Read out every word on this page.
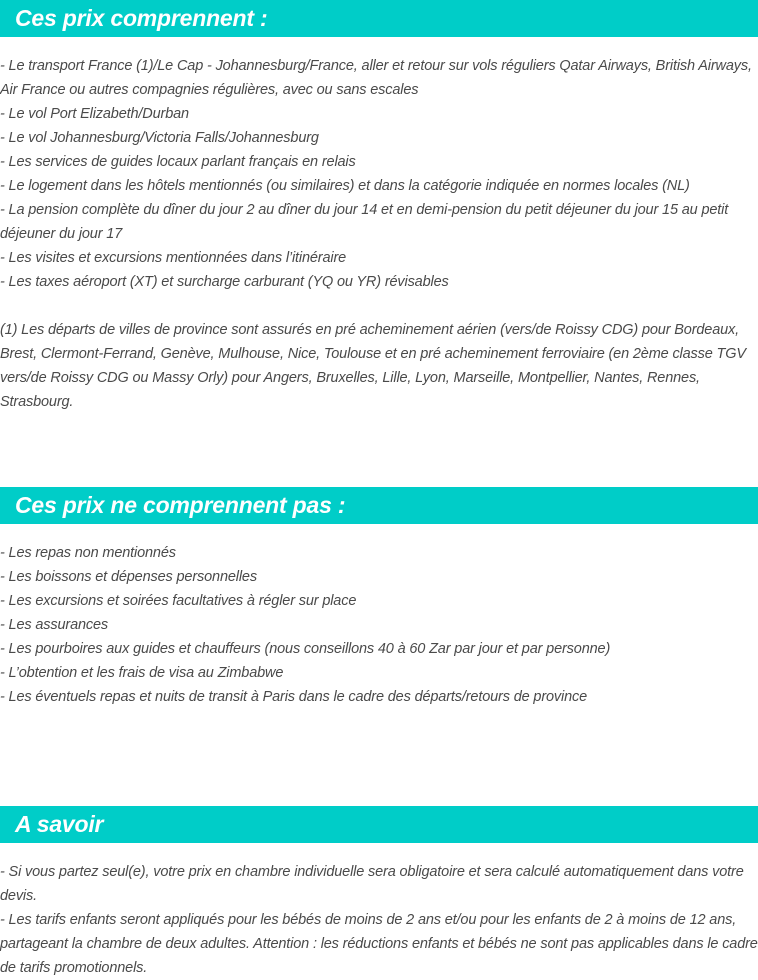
Ces prix comprennent :
- Le transport France (1)/Le Cap - Johannesburg/France, aller et retour sur vols réguliers Qatar Airways, British Airways, Air France ou autres compagnies régulières, avec ou sans escales
- Le vol Port Elizabeth/Durban
- Le vol Johannesburg/Victoria Falls/Johannesburg
- Les services de guides locaux parlant français en relais
- Le logement dans les hôtels mentionnés (ou similaires) et dans la catégorie indiquée en normes locales (NL)
- La pension complète du dîner du jour 2 au dîner du jour 14 et en demi-pension du petit déjeuner du jour 15 au petit déjeuner du jour 17
- Les visites et excursions mentionnées dans l’itinéraire
- Les taxes aéroport (XT) et surcharge carburant (YQ ou YR) révisables

(1) Les départs de villes de province sont assurés en pré acheminement aérien (vers/de Roissy CDG) pour Bordeaux, Brest, Clermont-Ferrand, Genève, Mulhouse, Nice, Toulouse et en pré acheminement ferroviaire (en 2ème classe TGV vers/de Roissy CDG ou Massy Orly) pour Angers, Bruxelles, Lille, Lyon, Marseille, Montpellier, Nantes, Rennes, Strasbourg.

Ces prix ne comprennent pas :
- Les repas non mentionnés
- Les boissons et dépenses personnelles
- Les excursions et soirées facultatives à régler sur place
- Les assurances
- Les pourboires aux guides et chauffeurs (nous conseillons 40 à 60 Zar par jour et par personne)
- L’obtention et les frais de visa au Zimbabwe
- Les éventuels repas et nuits de transit à Paris dans le cadre des départs/retours de province
A savoir
- Si vous partez seul(e), votre prix en chambre individuelle sera obligatoire et sera calculé automatiquement dans votre devis.
- Les tarifs enfants seront appliqués pour les bébés de moins de 2 ans et/ou pour les enfants de 2 à moins de 12 ans, partageant la chambre de deux adultes. Attention : les réductions enfants et bébés ne sont pas applicables dans le cadre de tarifs promotionnels.
